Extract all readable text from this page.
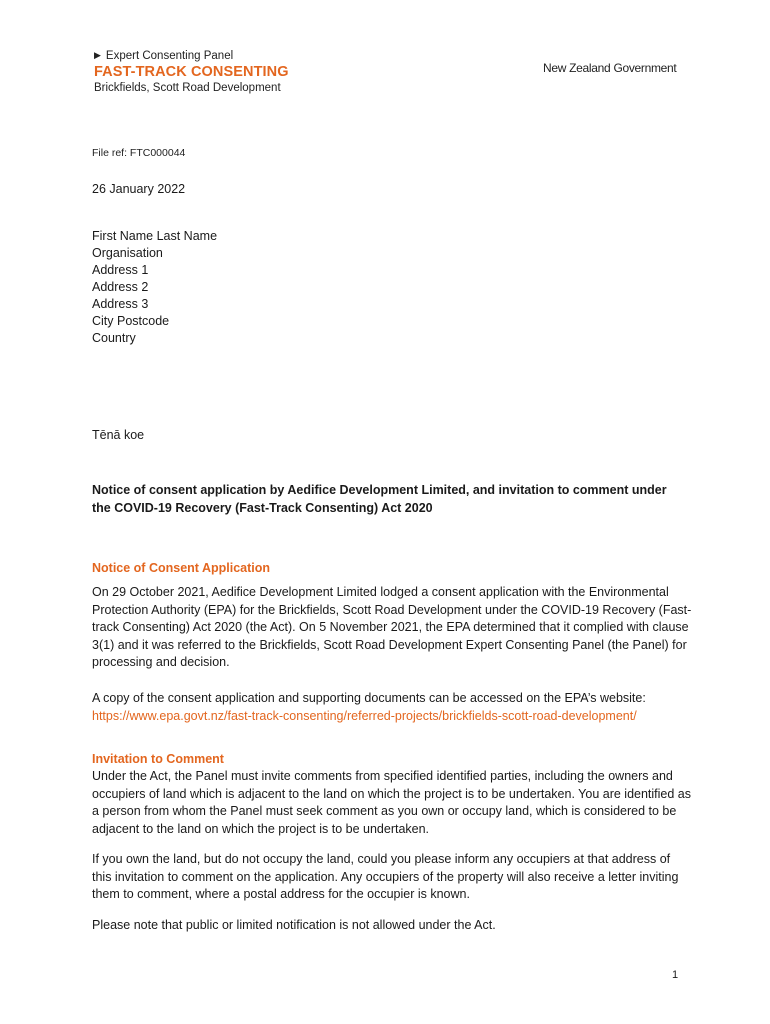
▶ Expert Consenting Panel
FAST-TRACK CONSENTING
Brickfields, Scott Road Development
New Zealand Government
File ref: FTC000044
26 January 2022
First Name Last Name
Organisation
Address 1
Address 2
Address 3
City Postcode
Country
Tēnā koe
Notice of consent application by Aedifice Development Limited, and invitation to comment under the COVID-19 Recovery (Fast-Track Consenting) Act 2020
Notice of Consent Application
On 29 October 2021, Aedifice Development Limited lodged a consent application with the Environmental Protection Authority (EPA) for the Brickfields, Scott Road Development under the COVID-19 Recovery (Fast-track Consenting) Act 2020 (the Act). On 5 November 2021, the EPA determined that it complied with clause 3(1) and it was referred to the Brickfields, Scott Road Development Expert Consenting Panel (the Panel) for processing and decision.
A copy of the consent application and supporting documents can be accessed on the EPA’s website:
https://www.epa.govt.nz/fast-track-consenting/referred-projects/brickfields-scott-road-development/
Invitation to Comment
Under the Act, the Panel must invite comments from specified identified parties, including the owners and occupiers of land which is adjacent to the land on which the project is to be undertaken. You are identified as a person from whom the Panel must seek comment as you own or occupy land, which is considered to be adjacent to the land on which the project is to be undertaken.
If you own the land, but do not occupy the land, could you please inform any occupiers at that address of this invitation to comment on the application. Any occupiers of the property will also receive a letter inviting them to comment, where a postal address for the occupier is known.
Please note that public or limited notification is not allowed under the Act.
1
